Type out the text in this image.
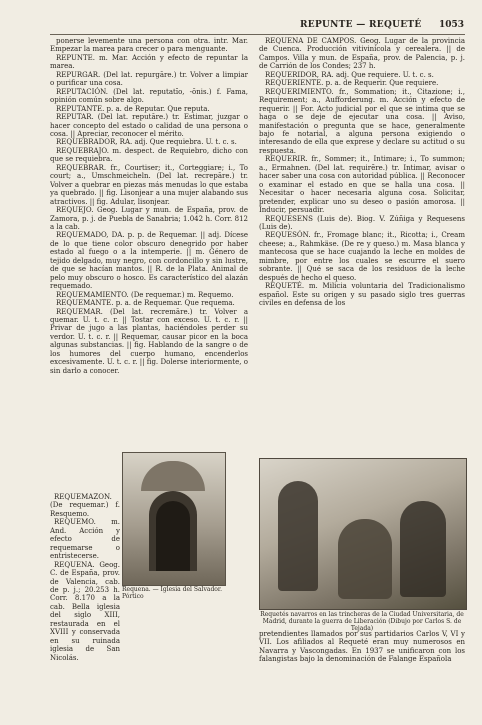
REPUNTE — REQUETÉ 1053

ponerse levemente una persona con otra. intr. Mar. Empezar la marea para crecer o para menguante.

REPUNTE. m. Mar. Acción y efecto de repuntar la marea.

REPURGAR. (Del lat. repurgāre.) tr. Volver a limpiar o purificar una cosa.

REPUTACIÓN. (Del lat. reputatĭo, -ōnis.) f. Fama, opinión común sobre algo.

REPUTANTE. p. a. de Reputar. Que reputa.

REPUTAR. (Del lat. reputāre.) tr. Estimar, juzgar o hacer concepto del estado o calidad de una persona o cosa. || Apreciar, reconocer el mérito.

REQUEBRADOR, RA. adj. Que requiebra. U. t. c. s.

REQUEBRAJO. m. despect. de Requiebro, dicho con que se requiebra.

REQUEBRAR. fr., Courtiser; it., Corteggiare; i., To court; a., Umschmeicheln. (Del lat. recrepāre.) tr. Volver a quebrar en piezas más menudas lo que estaba ya quebrado. || fig. Lisonjear a una mujer alabando sus atractivos. || fig. Adular, lisonjear.

REQUEJO. Geog. Lugar y mun. de España, prov. de Zamora, p. j. de Puebla de Sanabria; 1.042 h. Corr. 812 a la cab.

REQUEMADO, DA. p. p. de Requemar. || adj. Dícese de lo que tiene color obscuro denegrido por haber estado al fuego o a la intemperie. || m. Género de tejido delgado, muy negro, con cordoncillo y sin lustre, de que se hacían mantos. || R. de la Plata. Animal de pelo muy obscuro o hosco. Es característico del alazán requemado.

REQUEMAMIENTO. (De requemar.) m. Requemo.

REQUEMANTE. p. a. de Requemar. Que requema.

REQUEMAR. (Del lat. recremāre.) tr. Volver a quemar. U. t. c. r. || Tostar con exceso. U. t. c. r. || Privar de jugo a las plantas, haciéndoles perder su verdor. U. t. c. r. || Requemar, causar picor en la boca algunas substancias. || fig. Hablando de la sangre o de los humores del cuerpo humano, encenderlos excesivamente. U. t. c. r. || fig. Dolerse interiormente, o sin darlo a conocer.

REQUEMAZÓN. (De requemar.) f. Resquemo.

REQUEMO. m. And. Acción y efecto de requemarse o entristecerse.

REQUENA. Geog. C. de España, prov. de Valencia, cab. de p. j.; 20.253 h. Corr. 8.170 a la cab. Bella iglesia del siglo XIII, restaurada en el XVIII y conservada en su ruinada iglesia de San Nicolás.

Requena. — Iglesia del Salvador. Pórtico

REQUENA DE CAMPOS. Geog. Lugar de la provincia de Cuenca. Producción vitivinícola y cerealera. || de Campos. Villa y mun. de España, prov. de Palencia, p. j. de Carrión de los Condes; 237 h.

REQUERIDOR, RA. adj. Que requiere. U. t. c. s.

REQUERIENTE. p. a. de Requerir. Que requiere.

REQUERIMIENTO. fr., Sommation; it., Citazione; i., Requirement; a., Aufforderung. m. Acción y efecto de requerir. || For. Acto judicial por el que se intima que se haga o se deje de ejecutar una cosa. || Aviso, manifestación o pregunta que se hace, generalmente bajo fe notarial, a alguna persona exigiendo o interesando de ella que exprese y declare su actitud o su respuesta.

REQUERIR. fr., Sommer; it., Intimare; i., To summon; a., Ermahnen. (Del lat. requirĕre.) tr. Intimar, avisar o hacer saber una cosa con autoridad pública. || Reconocer o examinar el estado en que se halla una cosa. || Necesitar o hacer necesaria alguna cosa. Solicitar, pretender, explicar uno su deseo o pasión amorosa. || Inducir, persuadir.

REQUESENS (Luis de). Biog. V. Zúñiga y Requesens (Luis de).

REQUESÓN. fr., Fromage blanc; it., Ricotta; i., Cream cheese; a., Rahmkäse. (De re y queso.) m. Masa blanca y mantecosa que se hace cuajando la leche en moldes de mimbre, por entre los cuales se escurre el suero sobrante. || Qué se saca de los residuos de la leche después de hecho el queso.

REQUETÉ. m. Milicia voluntaria del Tradicionalismo español. Este su origen y su pasado siglo tres guerras civiles en defensa de los

Requetés navarros en las trincheras de la Ciudad Universitaria, de Madrid, durante la guerra de Liberación (Dibujo por Carlos S. de Tejada)
pretendientes llamados por sus partidarios Carlos V, VI y VII. Los afiliados al Requeté eran muy numerosos en Navarra y Vascongadas. En 1937 se unificaron con los falangistas bajo la denominación de Falange Española
